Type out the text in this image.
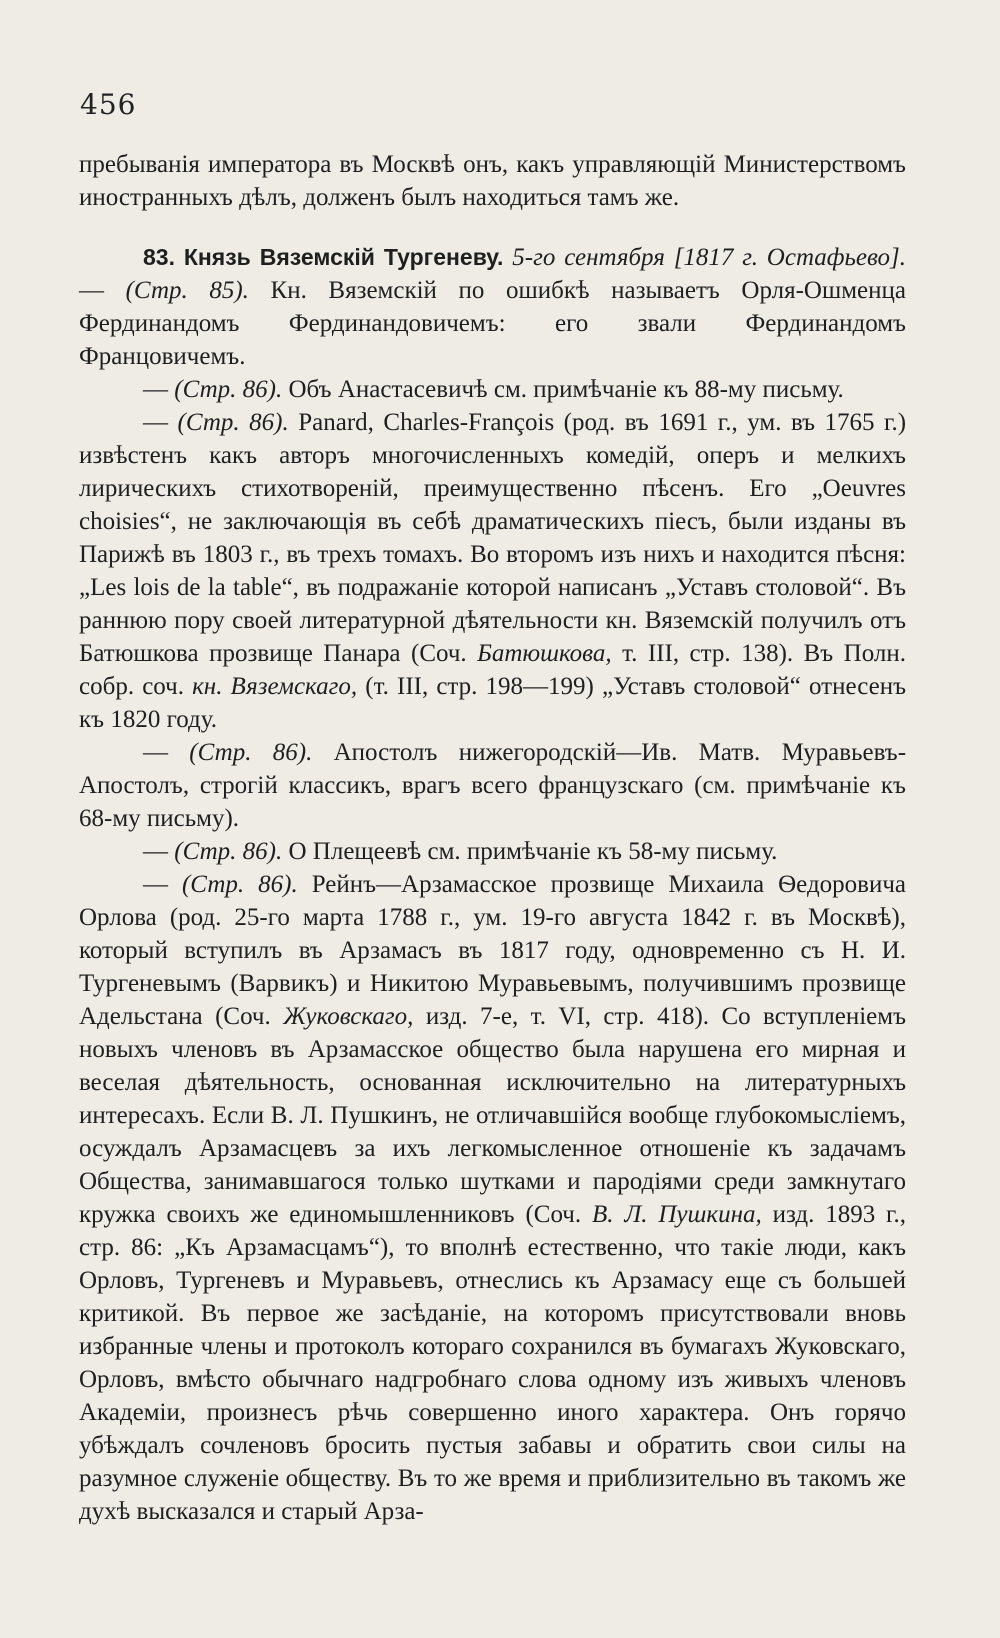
456

пребыванія императора въ Москвѣ онъ, какъ управляющій Министерствомъ иностранныхъ дѣлъ, долженъ былъ находиться тамъ же.

83. Князь Вяземскій Тургеневу. 5-го сентября [1817 г. Остафьево]. — (Стр. 85). Кн. Вяземскій по ошибкѣ называетъ Орля-Ошменца Фердинандомъ Фердинандовичемъ: его звали Фердинандомъ Францовичемъ.

— (Стр. 86). Объ Анастасевичѣ см. примѣчаніе къ 88-му письму.

— (Стр. 86). Panard, Charles-François (род. въ 1691 г., ум. въ 1765 г.) извѣстенъ какъ авторъ многочисленныхъ комедій, оперъ и мелкихъ лирическихъ стихотвореній, преимущественно пѣсенъ. Его „Oeuvres choisies“, не заключающія въ себѣ драматическихъ піесъ, были изданы въ Парижѣ въ 1803 г., въ трехъ томахъ. Во второмъ изъ нихъ и находится пѣсня: „Les lois de la table“, въ подражаніе которой написанъ „Уставъ столовой“. Въ раннюю пору своей литературной дѣятельности кн. Вяземскій получилъ отъ Батюшкова прозвище Панара (Соч. Батюшкова, т. III, стр. 138). Въ Полн. собр. соч. кн. Вяземскаго, (т. III, стр. 198—199) „Уставъ столовой“ отнесенъ къ 1820 году.

— (Стр. 86). Апостолъ нижегородскій—Ив. Матв. Муравьевъ-Апостолъ, строгій классикъ, врагъ всего французскаго (см. примѣчаніе къ 68-му письму).

— (Стр. 86). О Плещеевѣ см. примѣчаніе къ 58-му письму.

— (Стр. 86). Рейнъ—Арзамасское прозвище Михаила Ѳедоровича Орлова (род. 25-го марта 1788 г., ум. 19-го августа 1842 г. въ Москвѣ), который вступилъ въ Арзамасъ въ 1817 году, одновременно съ Н. И. Тургеневымъ (Варвикъ) и Никитою Муравьевымъ, получившимъ прозвище Адельстана (Соч. Жуковскаго, изд. 7-е, т. VI, стр. 418). Со вступленіемъ новыхъ членовъ въ Арзамасское общество была нарушена его мирная и веселая дѣятельность, основанная исключительно на литературныхъ интересахъ. Если В. Л. Пушкинъ, не отличавшійся вообще глубокомысліемъ, осуждалъ Арзамасцевъ за ихъ легкомысленное отношеніе къ задачамъ Общества, занимавшагося только шутками и пародіями среди замкнутаго кружка своихъ же единомышленниковъ (Соч. В. Л. Пушкина, изд. 1893 г., стр. 86: „Къ Арзамасцамъ“), то вполнѣ естественно, что такіе люди, какъ Орловъ, Тургеневъ и Муравьевъ, отнеслись къ Арзамасу еще съ большей критикой. Въ первое же засѣданіе, на которомъ присутствовали вновь избранные члены и протоколъ котораго сохранился въ бумагахъ Жуковскаго, Орловъ, вмѣсто обычнаго надгробнаго слова одному изъ живыхъ членовъ Академіи, произнесъ рѣчь совершенно иного характера. Онъ горячо убѣждалъ сочленовъ бросить пустыя забавы и обратить свои силы на разумное служеніе обществу. Въ то же время и приблизительно въ такомъ же духѣ высказался и старый Арза-
